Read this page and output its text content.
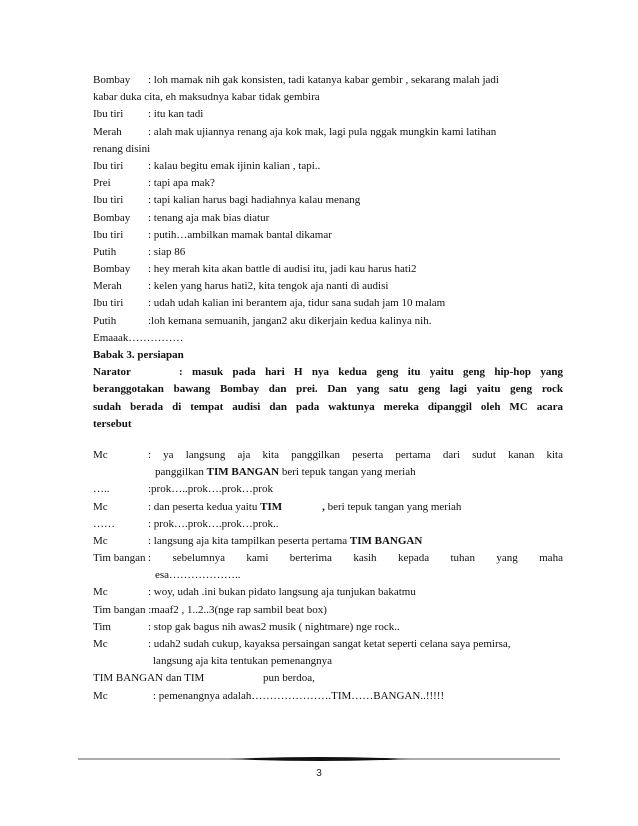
Bombay : loh mamak nih gak konsisten, tadi katanya kabar gembir , sekarang malah jadi
kabar duka cita, eh maksudnya kabar tidak gembira
Ibu tiri : itu kan tadi
Merah : alah mak ujiannya renang aja kok mak, lagi pula nggak mungkin kami latihan
renang disini
Ibu tiri : kalau begitu emak ijinin kalian , tapi..
Prei	: tapi apa mak?
Ibu tiri : tapi kalian harus bagi hadiahnya kalau menang
Bombay : tenang aja mak bias diatur
Ibu tiri : putih…ambilkan mamak bantal dikamar
Putih	: siap 86
Bombay : hey merah kita akan battle di audisi itu, jadi kau harus hati2
Merah : kelen yang harus hati2, kita tengok aja nanti di audisi
Ibu tiri : udah udah kalian ini berantem aja, tidur sana sudah jam 10 malam
Putih	:loh kemana semuanih, jangan2 aku dikerjain kedua kalinya nih.
Emaaak……………
Babak 3. persiapan
Narator	: masuk pada hari H nya kedua geng itu yaitu geng hip-hop yang
beranggotakan bawang Bombay dan prei. Dan yang satu geng lagi yaitu geng rock
sudah berada di tempat audisi dan pada waktunya mereka dipanggil oleh MC acara
tersebut
Mc	: ya langsung aja kita panggilkan peserta pertama dari sudut kanan kita
panggilkan TIM BANGAN beri tepuk tangan yang meriah
…..	:prok…..prok….prok…prok
Mc	: dan peserta kedua yaitu TIM	, beri tepuk tangan yang meriah
……	: prok….prok….prok…prok..
Mc	: langsung aja kita tampilkan peserta pertama TIM BANGAN
Tim bangan : sebelumnya kami berterima kasih kepada tuhan yang maha
esa………………..
Mc	: woy, udah .ini bukan pidato langsung aja tunjukan bakatmu
Tim bangan :maaf2 , 1..2..3(nge rap sambil beat box)
Tim	: stop gak bagus nih awas2 musik ( nightmare) nge rock..
Mc	: udah2 sudah cukup, kayaksa persaingan sangat ketat seperti celana saya pemirsa,
langsung aja kita tentukan pemenangnya
TIM BANGAN dan TIM	pun berdoa,
Mc	: pemenangnya adalah………………….TIM……BANGAN..!!!!!
3
